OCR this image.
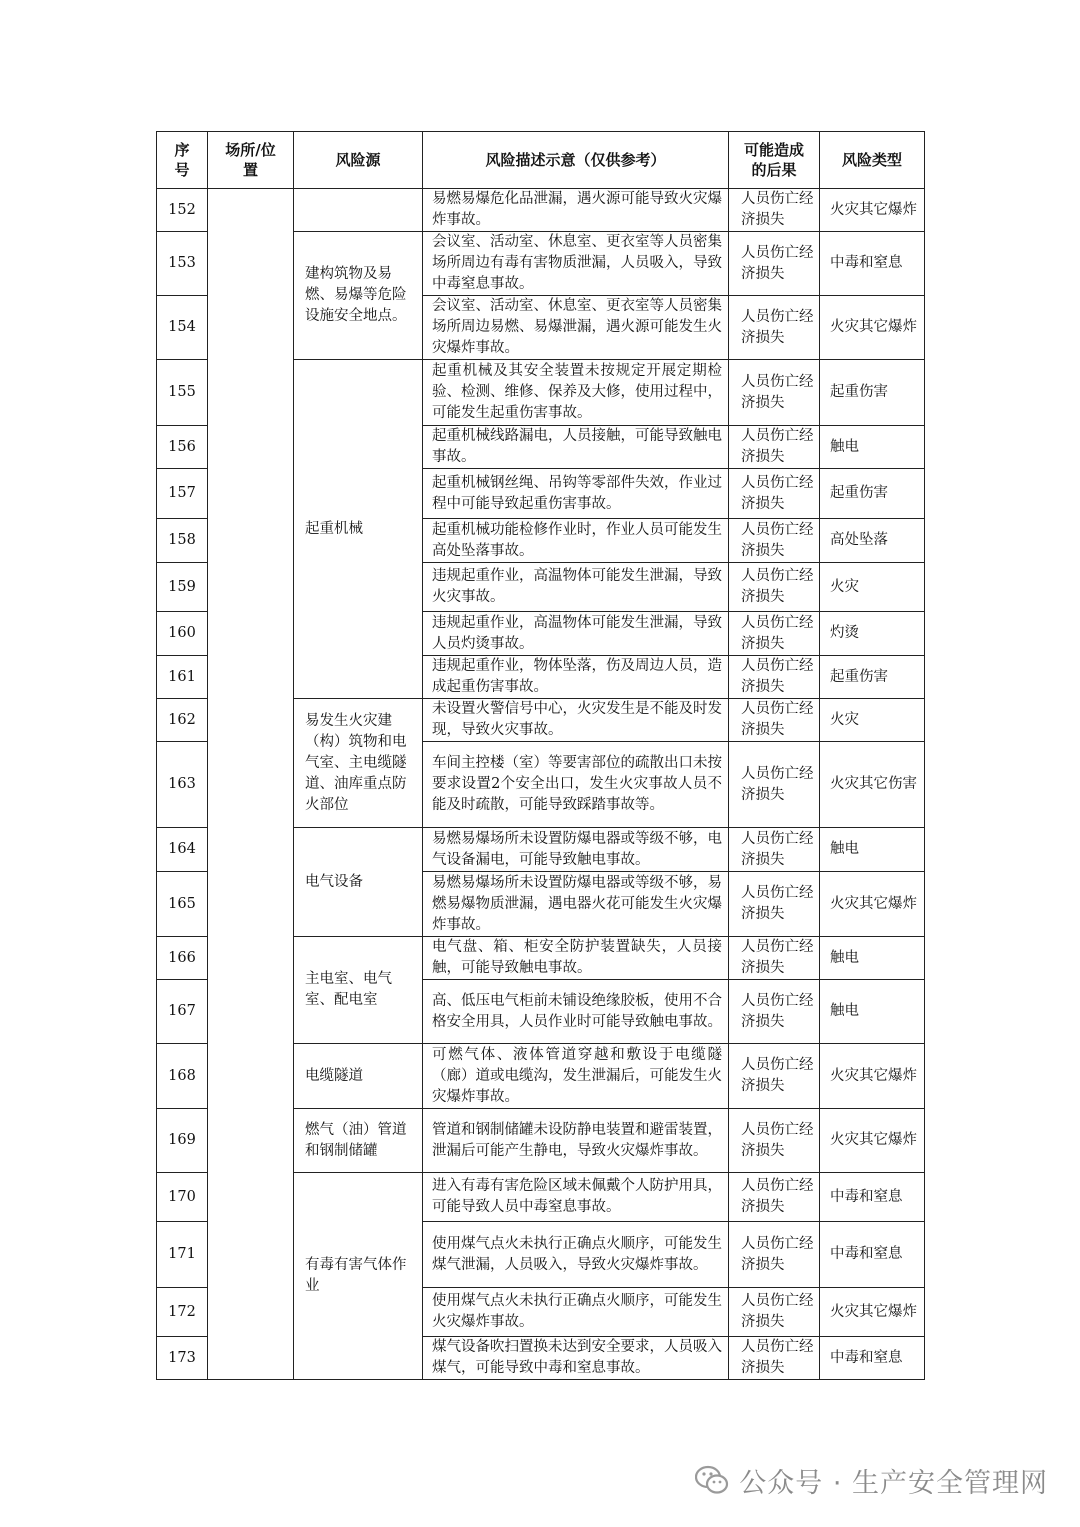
序号	场所/位置	风险源	风险描述示意（仅供参考）	可能造成的后果	风险类型
152			易燃易爆危化品泄漏，遇火源可能导致火灾爆炸事故。	人员伤亡经济损失	火灾其它爆炸
153		建构筑物及易燃、易爆等危险设施安全地点。	会议室、活动室、休息室、更衣室等人员密集场所周边有毒有害物质泄漏，人员吸入，导致中毒窒息事故。	人员伤亡经济损失	中毒和窒息
154			会议室、活动室、休息室、更衣室等人员密集场所周边易燃、易爆泄漏，遇火源可能发生火灾爆炸事故。	人员伤亡经济损失	火灾其它爆炸
155		起重机械	起重机械及其安全装置未按规定开展定期检验、检测、维修、保养及大修，使用过程中，可能发生起重伤害事故。	人员伤亡经济损失	起重伤害
156			起重机械线路漏电，人员接触，可能导致触电事故。	人员伤亡经济损失	触电
157			起重机械钢丝绳、吊钩等零部件失效，作业过程中可能导致起重伤害事故。	人员伤亡经济损失	起重伤害
158			起重机械功能检修作业时，作业人员可能发生高处坠落事故。	人员伤亡经济损失	高处坠落
159			违规起重作业，高温物体可能发生泄漏，导致火灾事故。	人员伤亡经济损失	火灾
160			违规起重作业，高温物体可能发生泄漏，导致人员灼烫事故。	人员伤亡经济损失	灼烫
161			违规起重作业，物体坠落，伤及周边人员，造成起重伤害事故。	人员伤亡经济损失	起重伤害
162		易发生火灾建（构）筑物和电气室、主电缆隧道、油库重点防火部位	未设置火警信号中心，火灾发生是不能及时发现，导致火灾事故。	人员伤亡经济损失	火灾
163			车间主控楼（室）等要害部位的疏散出口未按要求设置2个安全出口，发生火灾事故人员不能及时疏散，可能导致踩踏事故等。	人员伤亡经济损失	火灾其它伤害
164		电气设备	易燃易爆场所未设置防爆电器或等级不够，电气设备漏电，可能导致触电事故。	人员伤亡经济损失	触电
165			易燃易爆场所未设置防爆电器或等级不够，易燃易爆物质泄漏，遇电器火花可能发生火灾爆炸事故。	人员伤亡经济损失	火灾其它爆炸
166		主电室、电气室、配电室	电气盘、箱、柜安全防护装置缺失，人员接触，可能导致触电事故。	人员伤亡经济损失	触电
167			高、低压电气柜前未铺设绝缘胶板，使用不合格安全用具，人员作业时可能导致触电事故。	人员伤亡经济损失	触电
168		电缆隧道	可燃气体、液体管道穿越和敷设于电缆隧（廊）道或电缆沟，发生泄漏后，可能发生火灾爆炸事故。	人员伤亡经济损失	火灾其它爆炸
169		燃气（油）管道和钢制储罐	管道和钢制储罐未设防静电装置和避雷装置，泄漏后可能产生静电，导致火灾爆炸事故。	人员伤亡经济损失	火灾其它爆炸
170		有毒有害气体作业	进入有毒有害危险区域未佩戴个人防护用具，可能导致人员中毒窒息事故。	人员伤亡经济损失	中毒和窒息
171			使用煤气点火未执行正确点火顺序，可能发生煤气泄漏，人员吸入，导致火灾爆炸事故。	人员伤亡经济损失	中毒和窒息
172			使用煤气点火未执行正确点火顺序，可能发生火灾爆炸事故。	人员伤亡经济损失	火灾其它爆炸
173			煤气设备吹扫置换未达到安全要求，人员吸入煤气，可能导致中毒和窒息事故。	人员伤亡经济损失	中毒和窒息
公众号 · 生产安全管理网
